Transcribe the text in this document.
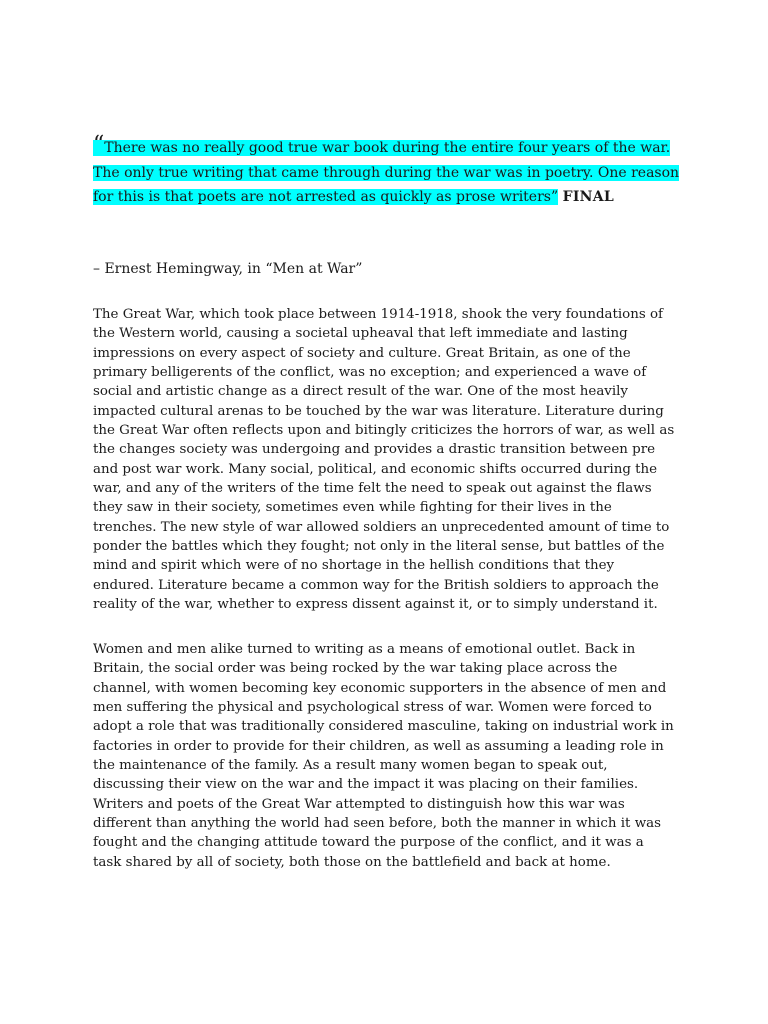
“There was no really good true war book during the entire four years of the war. The only true writing that came through during the war was in poetry. One reason for this is that poets are not arrested as quickly as prose writers” FINAL
– Ernest Hemingway, in “Men at War”

The Great War, which took place between 1914-1918, shook the very foundations of the Western world, causing a societal upheaval that left immediate and lasting impressions on every aspect of society and culture. Great Britain, as one of the primary belligerents of the conflict, was no exception; and experienced a wave of social and artistic change as a direct result of the war. One of the most heavily impacted cultural arenas to be touched by the war was literature. Literature during the Great War often reflects upon and bitingly criticizes the horrors of war, as well as the changes society was undergoing and provides a drastic transition between pre and post war work. Many social, political, and economic shifts occurred during the war, and any of the writers of the time felt the need to speak out against the flaws they saw in their society, sometimes even while fighting for their lives in the trenches. The new style of war allowed soldiers an unprecedented amount of time to ponder the battles which they fought; not only in the literal sense, but battles of the mind and spirit which were of no shortage in the hellish conditions that they endured. Literature became a common way for the British soldiers to approach the reality of the war, whether to express dissent against it, or to simply understand it.

Women and men alike turned to writing as a means of emotional outlet. Back in Britain, the social order was being rocked by the war taking place across the channel, with women becoming key economic supporters in the absence of men and men suffering the physical and psychological stress of war. Women were forced to adopt a role that was traditionally considered masculine, taking on industrial work in factories in order to provide for their children, as well as assuming a leading role in the maintenance of the family. As a result many women began to speak out, discussing their view on the war and the impact it was placing on their families. Writers and poets of the Great War attempted to distinguish how this war was different than anything the world had seen before, both the manner in which it was fought and the changing attitude toward the purpose of the conflict, and it was a task shared by all of society, both those on the battlefield and back at home.
